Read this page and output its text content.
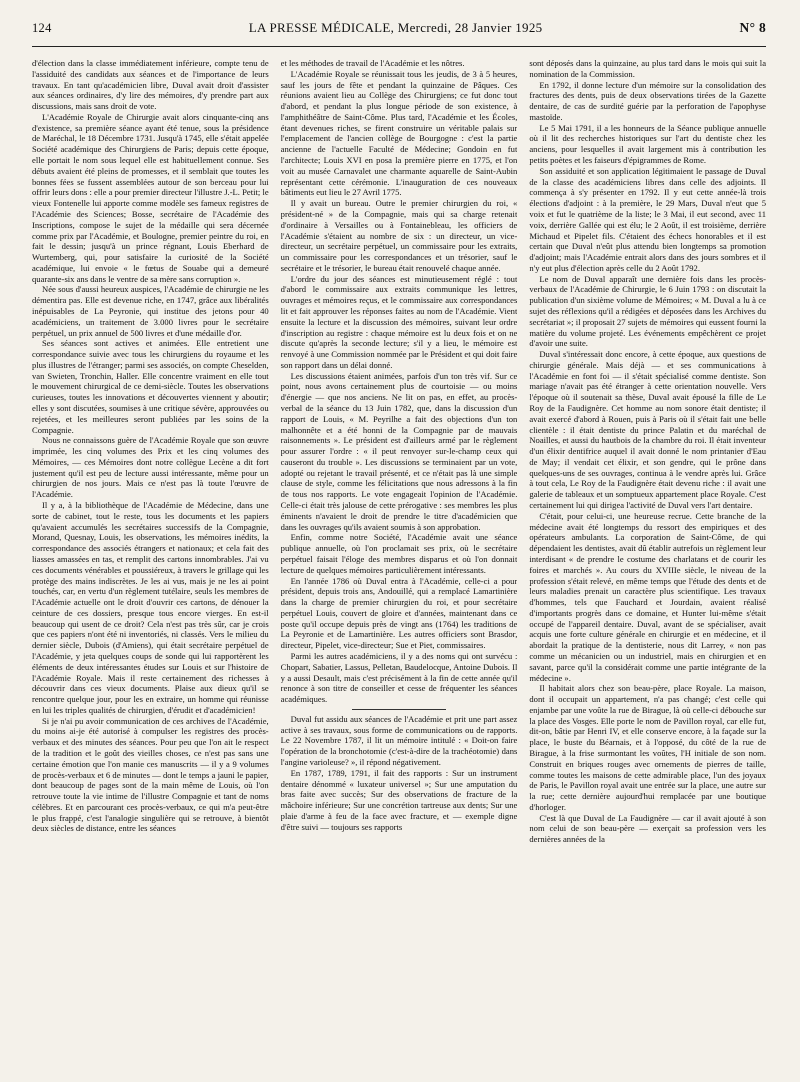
124	LA PRESSE MÉDICALE, Mercredi, 28 Janvier 1925	N° 8

d'élection dans la classe immédiatement inférieure, compte tenu de l'assiduité des candidats aux séances et de l'importance de leurs travaux. En tant qu'académicien libre, Duval avait droit d'assister aux séances ordinaires, d'y lire des mémoires, d'y prendre part aux discussions, mais sans droit de vote.

L'Académie Royale de Chirurgie avait alors cinquante-cinq ans d'existence, sa première séance ayant été tenue, sous la présidence de Maréchal, le 18 Décembre 1731. Jusqu'à 1745, elle s'était appelée Société académique des Chirurgiens de Paris; depuis cette époque, elle portait le nom sous lequel elle est habituellement connue. Ses débuts avaient été pleins de promesses, et il semblait que toutes les bonnes fées se fussent assemblées autour de son berceau pour lui offrir leurs dons : elle a pour premier directeur l'illustre J.-L. Petit; le vieux Fontenelle lui apporte comme modèle ses fameux registres de l'Académie des Sciences; Bosse, secrétaire de l'Académie des Inscriptions, compose le sujet de la médaille qui sera décernée comme prix par l'Académie, et Boulogne, premier peintre du roi, en fait le dessin; jusqu'à un prince régnant, Louis Eberhard de Wurtemberg, qui, pour satisfaire la curiosité de la Société académique, lui envoie « le fœtus de Souabe qui a demeuré quarante-six ans dans le ventre de sa mère sans corruption ».

Née sous d'aussi heureux auspices, l'Académie de chirurgie ne les démentira pas. Elle est devenue riche, en 1747, grâce aux libéralités inépuisables de La Peyronie, qui institue des jetons pour 40 académiciens, un traitement de 3.000 livres pour le secrétaire perpétuel, un prix annuel de 500 livres et d'une médaille d'or.

Ses séances sont actives et animées. Elle entretient une correspondance suivie avec tous les chirurgiens du royaume et les plus illustres de l'étranger; parmi ses associés, on compte Cheselden, van Swieten, Tronchin, Haller. Elle concentre vraiment en elle tout le mouvement chirurgical de ce demi-siècle. Toutes les observations curieuses, toutes les innovations et découvertes viennent y aboutir; elles y sont discutées, soumises à une critique sévère, approuvées ou rejetées, et les meilleures seront publiées par les soins de la Compagnie.

Nous ne connaissons guère de l'Académie Royale que son œuvre imprimée, les cinq volumes des Prix et les cinq volumes des Mémoires, — ces Mémoires dont notre collègue Lecène a dit fort justement qu'il est peu de lecture aussi intéressante, même pour un chirurgien de nos jours. Mais ce n'est pas là toute l'œuvre de l'Académie.

Il y a, à la bibliothèque de l'Académie de Médecine, dans une sorte de cabinet, tout le reste, tous les documents et les papiers qu'avaient accumulés les secrétaires successifs de la Compagnie, Morand, Quesnay, Louis, les observations, les mémoires inédits, la correspondance des associés étrangers et nationaux; et cela fait des liasses amassées en tas, et remplit des cartons innombrables. J'ai vu ces documents vénérables et poussiéreux, à travers le grillage qui les protège des mains indiscrètes. Je les ai vus, mais je ne les ai point touchés, car, en vertu d'un règlement tutélaire, seuls les membres de l'Académie actuelle ont le droit d'ouvrir ces cartons, de dénouer la ceinture de ces dossiers, presque tous encore vierges. En est-il beaucoup qui usent de ce droit? Cela n'est pas très sûr, car je crois que ces papiers n'ont été ni inventoriés, ni classés. Vers le milieu du dernier siècle, Dubois (d'Amiens), qui était secrétaire perpétuel de l'Académie, y jeta quelques coups de sonde qui lui rapportèrent les éléments de deux intéressantes études sur Louis et sur l'histoire de l'Académie Royale. Mais il reste certainement des richesses à découvrir dans ces vieux documents. Plaise aux dieux qu'il se rencontre quelque jour, pour les en extraire, un homme qui réunisse en lui les triples qualités de chirurgien, d'érudit et d'académicien!

Si je n'ai pu avoir communication de ces archives de l'Académie, du moins ai-je été autorisé à compulser les registres des procès-verbaux et des minutes des séances. Pour peu que l'on ait le respect de la tradition et le goût des vieilles choses, ce n'est pas sans une certaine émotion que l'on manie ces manuscrits — il y a 9 volumes de procès-verbaux et 6 de minutes — dont le temps a jauni le papier, dont beaucoup de pages sont de la main même de Louis, où l'on retrouve toute la vie intime de l'illustre Compagnie et tant de noms célèbres. Et en parcourant ces procès-verbaux, ce qui m'a peut-être le plus frappé, c'est l'analogie singulière qui se retrouve, à bientôt deux siècles de distance, entre les séances

et les méthodes de travail de l'Académie et les nôtres.

L'Académie Royale se réunissait tous les jeudis, de 3 à 5 heures, sauf les jours de fête et pendant la quinzaine de Pâques. Ces réunions avaient lieu au Collège des Chirurgiens; ce fut donc tout d'abord, et pendant la plus longue période de son existence, à l'amphithéâtre de Saint-Côme. Plus tard, l'Académie et les Écoles, étant devenues riches, se firent construire un véritable palais sur l'emplacement de l'ancien collège de Bourgogne : c'est la partie ancienne de l'actuelle Faculté de Médecine; Gondoin en fut l'architecte; Louis XVI en posa la première pierre en 1775, et l'on voit au musée Carnavalet une charmante aquarelle de Saint-Aubin représentant cette cérémonie. L'inauguration de ces nouveaux bâtiments eut lieu le 27 Avril 1775.

Il y avait un bureau. Outre le premier chirurgien du roi, « président-né » de la Compagnie, mais qui sa charge retenait d'ordinaire à Versailles ou à Fontainebleau, les officiers de l'Académie s'étaient au nombre de six : un directeur, un vice-directeur, un secrétaire perpétuel, un commissaire pour les extraits, un commissaire pour les correspondances et un trésorier, sauf le secrétaire et le trésorier, le bureau était renouvelé chaque année.

L'ordre du jour des séances est minutieusement réglé : tout d'abord le commissaire aux extraits communique les lettres, ouvrages et mémoires reçus, et le commissaire aux correspondances lit et fait approuver les réponses faites au nom de l'Académie. Vient ensuite la lecture et la discussion des mémoires, suivant leur ordre d'inscription au registre : chaque mémoire est lu deux fois et on ne discute qu'après la seconde lecture; s'il y a lieu, le mémoire est renvoyé à une Commission nommée par le Président et qui doit faire son rapport dans un délai donné.

Les discussions étaient animées, parfois d'un ton très vif. Sur ce point, nous avons certainement plus de courtoisie — ou moins d'énergie — que nos anciens. Ne lit on pas, en effet, au procès-verbal de la séance du 13 Juin 1782, que, dans la discussion d'un rapport de Louis, « M. Peyrilhe a fait des objections d'un ton malhonnête et a été honni de la Compagnie par de mauvais raisonnements ». Le président est d'ailleurs armé par le règlement pour assurer l'ordre : « il peut renvoyer sur-le-champ ceux qui causeront du trouble ». Les discussions se terminaient par un vote, adopté ou rejetant le travail présenté, et ce n'était pas là une simple clause de style, comme les félicitations que nous adressons à la fin de tous nos rapports. Le vote engageait l'opinion de l'Académie. Celle-ci était très jalouse de cette prérogative : ses membres les plus éminents n'avaient le droit de prendre le titre d'académicien que dans les ouvrages qu'ils avaient soumis à son approbation.

Enfin, comme notre Société, l'Académie avait une séance publique annuelle, où l'on proclamait ses prix, où le secrétaire perpétuel faisait l'éloge des membres disparus et où l'on donnait lecture de quelques mémoires particulièrement intéressants.

En l'année 1786 où Duval entra à l'Académie, celle-ci a pour président, depuis trois ans, Andouillé, qui a remplacé Lamartinière dans la charge de premier chirurgien du roi, et pour secrétaire perpétuel Louis, couvert de gloire et d'années, maintenant dans ce poste qu'il occupe depuis près de vingt ans (1764) les traditions de La Peyronie et de Lamartinière. Les autres officiers sont Brasdor, directeur, Pipelet, vice-directeur; Sue et Piet, commissaires.

Parmi les autres académiciens, il y a des noms qui ont survécu : Chopart, Sabatier, Lassus, Pelletan, Baudelocque, Antoine Dubois. Il y a aussi Desault, mais c'est précisément à la fin de cette année qu'il renonce à son titre de conseiller et cesse de fréquenter les séances académiques.

Duval fut assidu aux séances de l'Académie et prit une part assez active à ses travaux, sous forme de communications ou de rapports. Le 22 Novembre 1787, il lit un mémoire intitulé : « Doit-on faire l'opération de la bronchotomie (c'est-à-dire de la trachéotomie) dans l'angine varioleuse? », il répond négativement.

En 1787, 1789, 1791, il fait des rapports : Sur un instrument dentaire dénommé « luxateur universel »; Sur une amputation du bras faite avec succès; Sur des observations de fracture de la mâchoire inférieure; Sur une concrétion tartreuse aux dents; Sur une plaie d'arme à feu de la face avec fracture, et — exemple digne d'être suivi — toujours ses rapports

sont déposés dans la quinzaine, au plus tard dans le mois qui suit la nomination de la Commission.

En 1792, il donne lecture d'un mémoire sur la consolidation des fractures des dents, puis de deux observations tirées de la Gazette dentaire, de cas de surdité guérie par la perforation de l'apophyse mastoïde.

Le 5 Mai 1791, il a les honneurs de la Séance publique annuelle où il lit des recherches historiques sur l'art du dentiste chez les anciens, pour lesquelles il avait largement mis à contribution les petits poètes et les faiseurs d'épigrammes de Rome.

Son assiduité et son application légitimaient le passage de Duval de la classe des académiciens libres dans celle des adjoints. Il commença à s'y présenter en 1792. Il y eut cette année-là trois élections d'adjoint : à la première, le 29 Mars, Duval n'eut que 5 voix et fut le quatrième de la liste; le 3 Mai, il eut second, avec 11 voix, derrière Gallée qui est élu; le 2 Août, il est troisième, derrière Michaud et Pipelet fils. C'étaient des échecs honorables et il est certain que Duval n'eût plus attendu bien longtemps sa promotion d'adjoint; mais l'Académie entrait alors dans des jours sombres et il n'y eut plus d'élection après celle du 2 Août 1792.

Le nom de Duval apparaît une dernière fois dans les procès-verbaux de l'Académie de Chirurgie, le 6 Juin 1793 : on discutait la publication d'un sixième volume de Mémoires; « M. Duval a lu à ce sujet des réflexions qu'il a rédigées et déposées dans les Archives du secrétariat »; il proposait 27 sujets de mémoires qui eussent fourni la matière du volume projeté. Les événements empêchèrent ce projet d'avoir une suite.

Duval s'intéressait donc encore, à cette époque, aux questions de chirurgie générale. Mais déjà — et ses communications à l'Académie en font foi — il s'était spécialisé comme dentiste. Son mariage n'avait pas été étranger à cette orientation nouvelle. Vers l'époque où il soutenait sa thèse, Duval avait épousé la fille de Le Roy de la Faudignère. Cet homme au nom sonore était dentiste; il avait exercé d'abord à Rouen, puis à Paris où il s'était fait une belle clientèle : il était dentiste du prince Palatin et du maréchal de Noailles, et aussi du hautbois de la chambre du roi. Il était inventeur d'un élixir dentifrice auquel il avait donné le nom printanier d'Eau de May; il vendait cet élixir, et son gendre, qui le prône dans quelques-uns de ses ouvrages, continua à le vendre après lui. Grâce à tout cela, Le Roy de la Faudignère était devenu riche : il avait une galerie de tableaux et un somptueux appartement place Royale. C'est certainement lui qui dirigea l'activité de Duval vers l'art dentaire.

C'était, pour celui-ci, une heureuse recrue. Cette branche de la médecine avait été longtemps du ressort des empiriques et des opérateurs ambulants. La corporation de Saint-Côme, de qui dépendaient les dentistes, avait dû établir autrefois un règlement leur interdisant « de prendre le costume des charlatans et de courir les foires et marchés ». Au cours du XVIIIe siècle, le niveau de la profession s'était relevé, en même temps que l'étude des dents et de leurs maladies prenait un caractère plus scientifique. Les travaux d'hommes, tels que Fauchard et Jourdain, avaient réalisé d'importants progrès dans ce domaine, et Hunter lui-même s'était occupé de l'appareil dentaire. Duval, avant de se spécialiser, avait acquis une forte culture générale en chirurgie et en médecine, et il abordait la pratique de la dentisterie, nous dit Larrey, « non pas comme un mécanicien ou un industriel, mais en chirurgien et en savant, parce qu'il la considérait comme une partie intégrante de la médecine ».

Il habitait alors chez son beau-père, place Royale. La maison, dont il occupait un appartement, n'a pas changé; c'est celle qui enjambe par une voûte la rue de Birague, là où celle-ci débouche sur la place des Vosges. Elle porte le nom de Pavillon royal, car elle fut, dit-on, bâtie par Henri IV, et elle conserve encore, à la façade sur la place, le buste du Béarnais, et à l'opposé, du côté de la rue de Birague, à la frise surmontant les voûtes, l'H initiale de son nom. Construit en briques rouges avec ornements de pierres de taille, comme toutes les maisons de cette admirable place, l'un des joyaux de Paris, le Pavillon royal avait une entrée sur la place, une autre sur la rue; cette dernière aujourd'hui remplacée par une boutique d'horloger.

C'est là que Duval de La Faudignère — car il avait ajouté à son nom celui de son beau-père — exerçait sa profession vers les dernières années de la
